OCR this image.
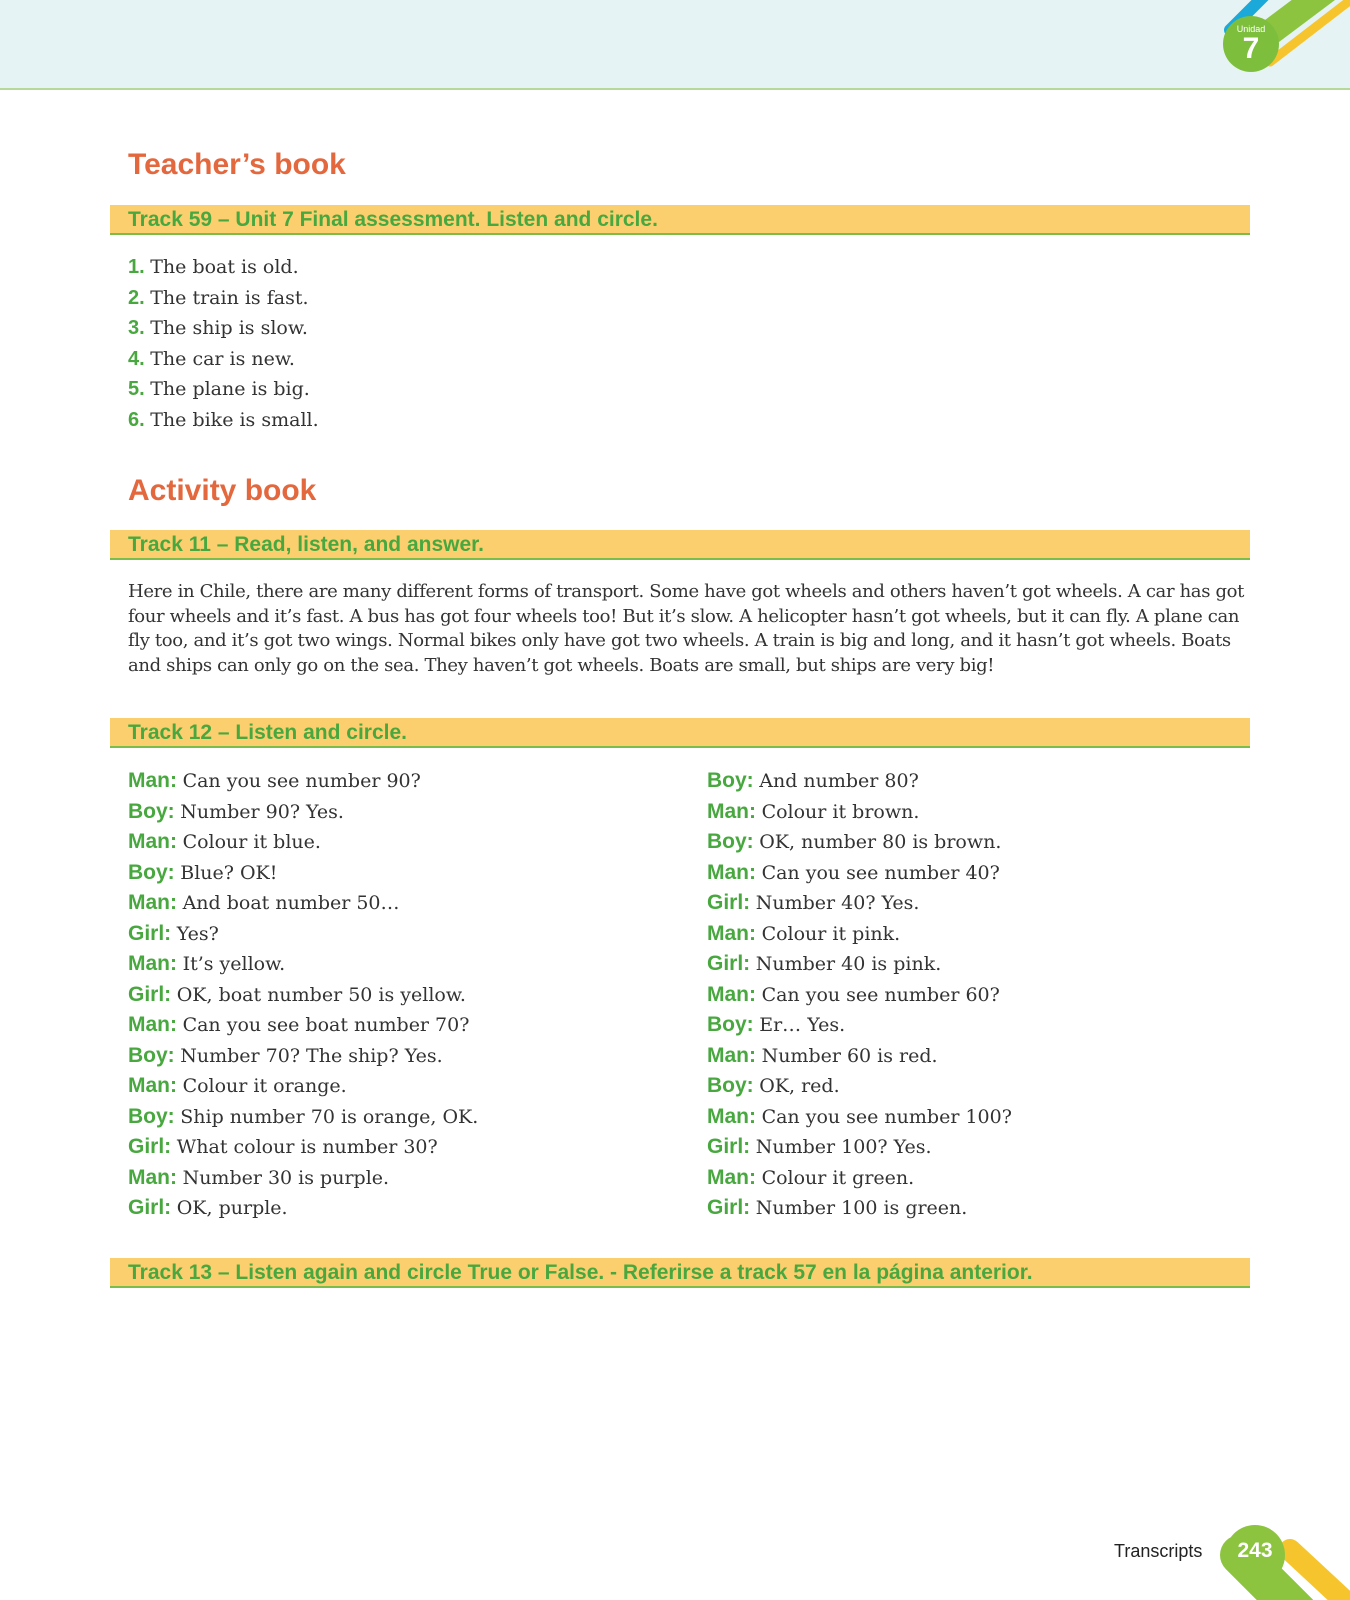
Unidad
7
Teacher’s book
Track 59 – Unit 7 Final assessment. Listen and circle.
1. The boat is old.
2. The train is fast.
3. The ship is slow.
4. The car is new.
5. The plane is big.
6. The bike is small.
Activity book
Track 11 – Read, listen, and answer.

Here in Chile, there are many different forms of transport. Some have got wheels and others haven’t got wheels. A car has got four wheels and it’s fast. A bus has got four wheels too! But it’s slow. A helicopter hasn’t got wheels, but it can fly. A plane can fly too, and it’s got two wings. Normal bikes only have got two wheels. A train is big and long, and it hasn’t got wheels. Boats and ships can only go on the sea. They haven’t got wheels. Boats are small, but ships are very big!

Track 12 – Listen and circle.
Man: Can you see number 90?
Boy: Number 90? Yes.
Man: Colour it blue.
Boy: Blue? OK!
Man: And boat number 50…
Girl: Yes?
Man: It’s yellow.
Girl: OK, boat number 50 is yellow.
Man: Can you see boat number 70?
Boy: Number 70? The ship? Yes.
Man: Colour it orange.
Boy: Ship number 70 is orange, OK.
Girl: What colour is number 30?
Man: Number 30 is purple.
Girl: OK, purple.
Boy: And number 80?
Man: Colour it brown.
Boy: OK, number 80 is brown.
Man: Can you see number 40?
Girl: Number 40? Yes.
Man: Colour it pink.
Girl: Number 40 is pink.
Man: Can you see number 60?
Boy: Er… Yes.
Man: Number 60 is red.
Boy: OK, red.
Man: Can you see number 100?
Girl: Number 100? Yes.
Man: Colour it green.
Girl: Number 100 is green.
Track 13 – Listen again and circle True or False. - Referirse a track 57 en la página anterior.
Transcripts	243
